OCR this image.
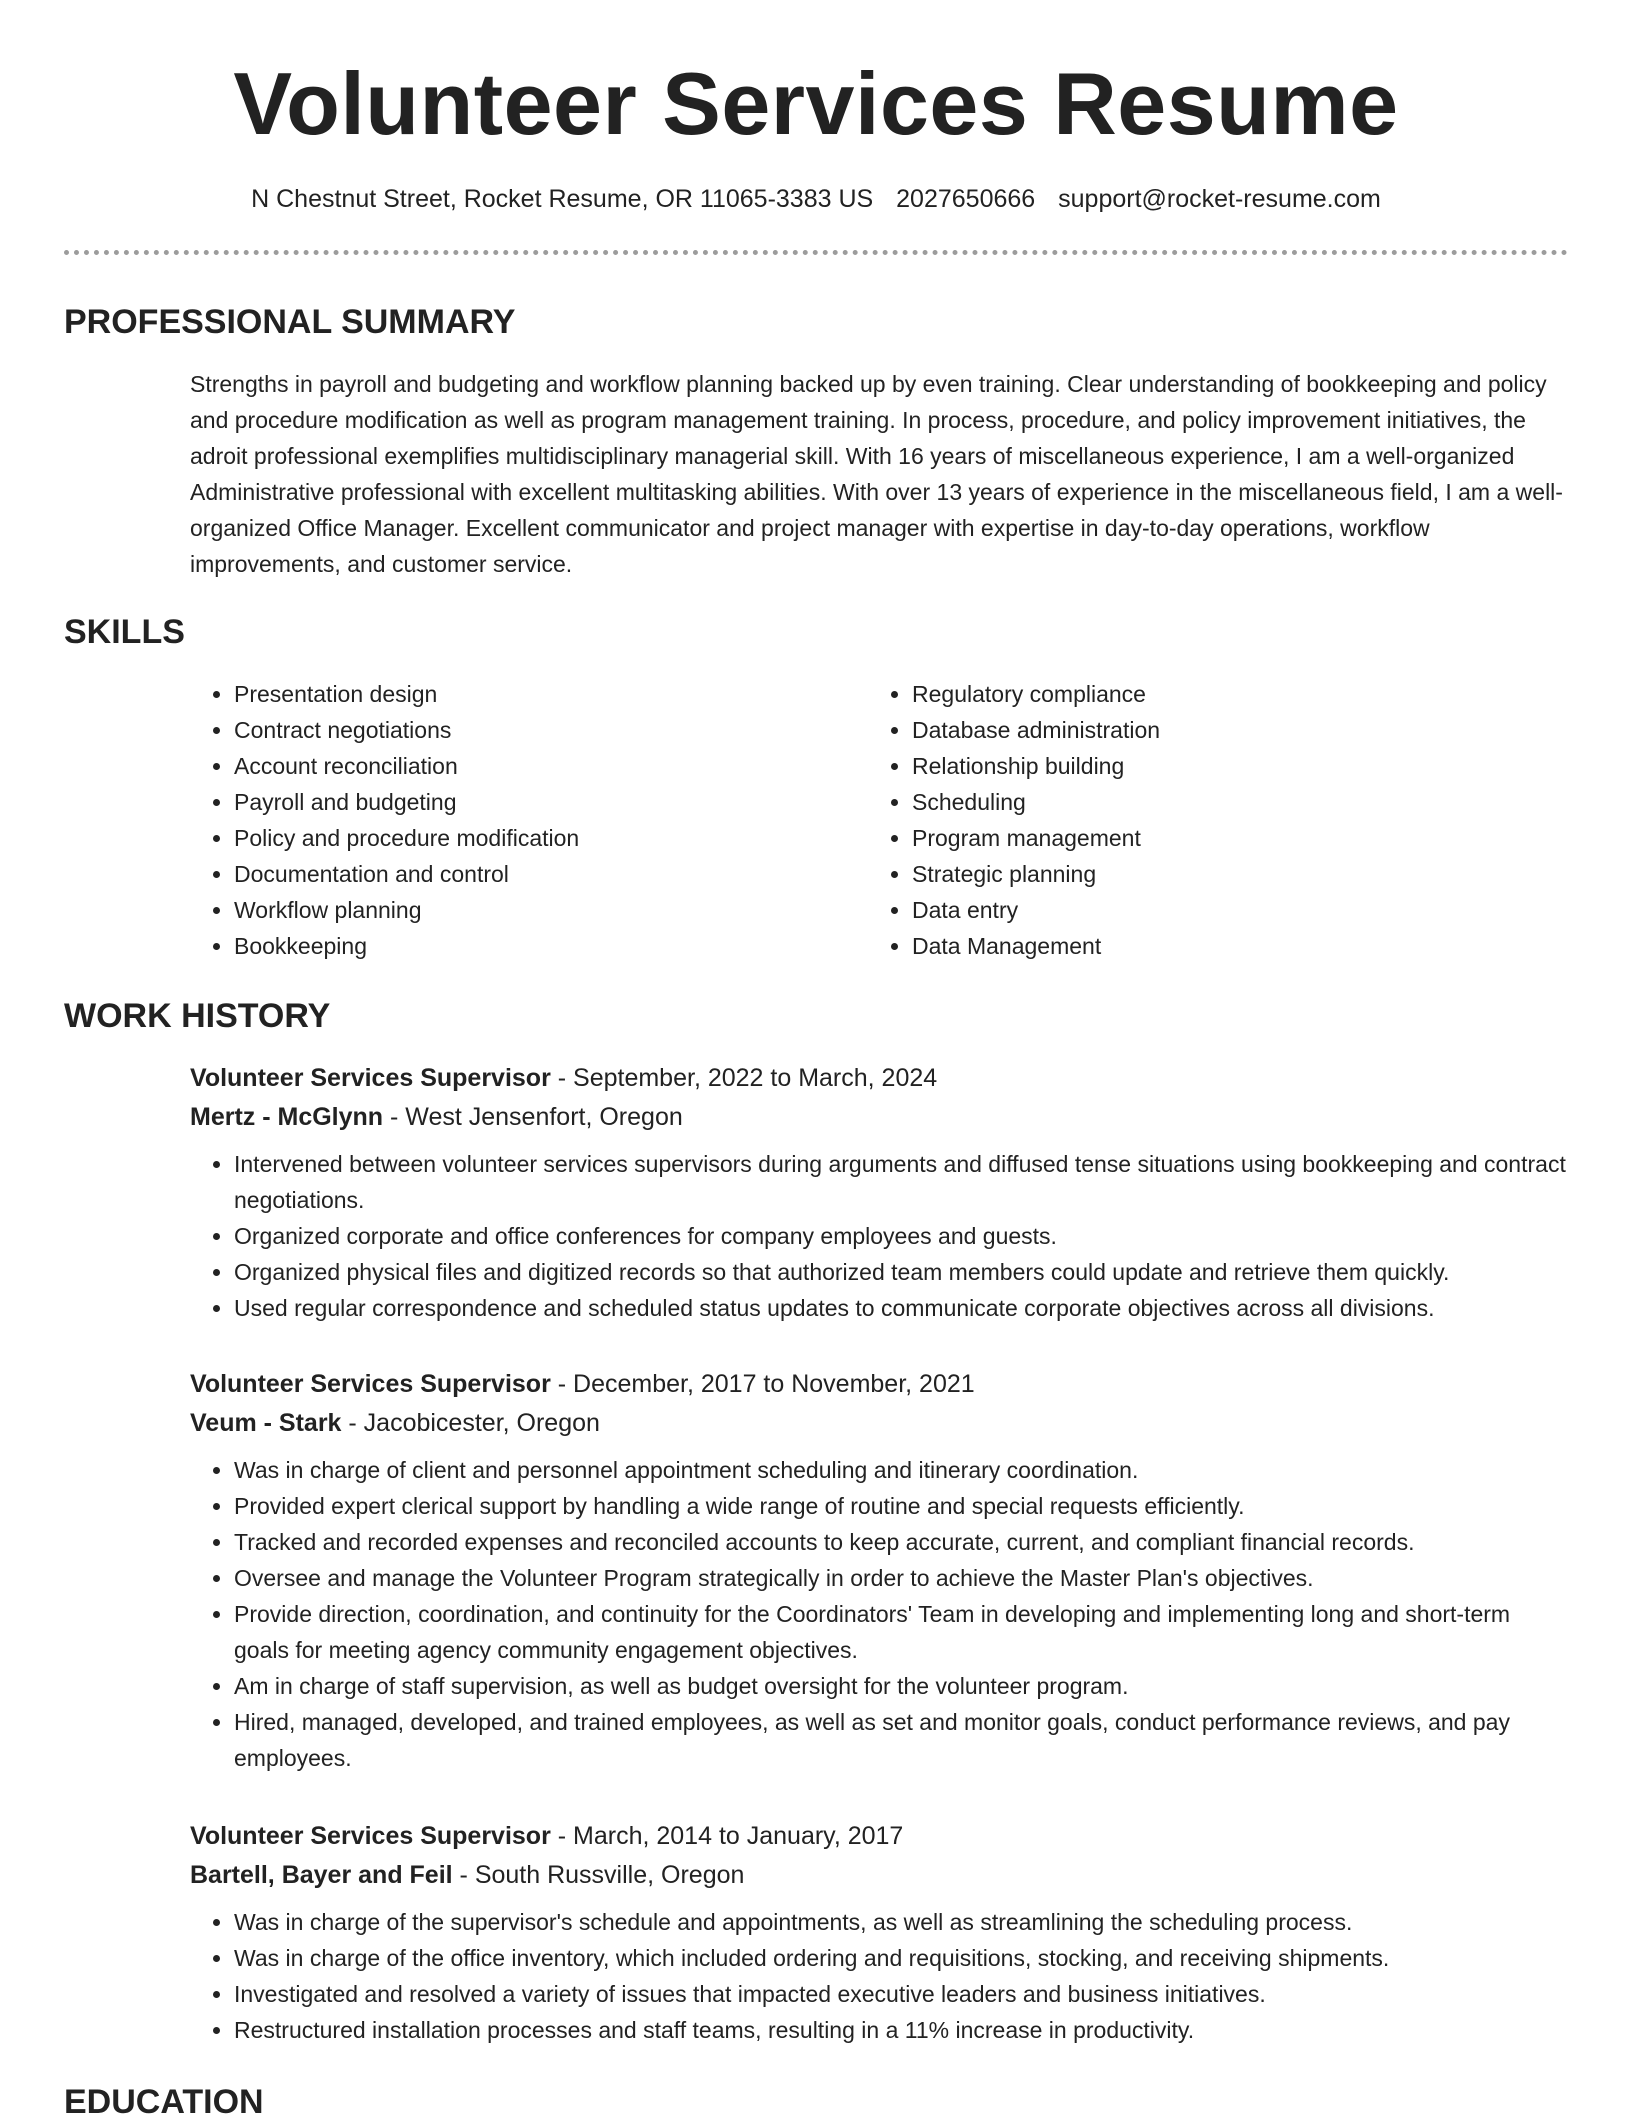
Volunteer Services Resume
N Chestnut Street, Rocket Resume, OR 11065-3383 US 2027650666 support@rocket-resume.com
PROFESSIONAL SUMMARY

Strengths in payroll and budgeting and workflow planning backed up by even training. Clear understanding of bookkeeping and policy and procedure modification as well as program management training. In process, procedure, and policy improvement initiatives, the adroit professional exemplifies multidisciplinary managerial skill. With 16 years of miscellaneous experience, I am a well-organized Administrative professional with excellent multitasking abilities. With over 13 years of experience in the miscellaneous field, I am a well-organized Office Manager. Excellent communicator and project manager with expertise in day-to-day operations, workflow improvements, and customer service.

SKILLS
• Presentation design
• Contract negotiations
• Account reconciliation
• Payroll and budgeting
• Policy and procedure modification
• Documentation and control
• Workflow planning
• Bookkeeping
• Regulatory compliance
• Database administration
• Relationship building
• Scheduling
• Program management
• Strategic planning
• Data entry
• Data Management
WORK HISTORY
Volunteer Services Supervisor - September, 2022 to March, 2024
Mertz - McGlynn - West Jensenfort, Oregon
• Intervened between volunteer services supervisors during arguments and diffused tense situations using bookkeeping and contract negotiations.
• Organized corporate and office conferences for company employees and guests.
• Organized physical files and digitized records so that authorized team members could update and retrieve them quickly.
• Used regular correspondence and scheduled status updates to communicate corporate objectives across all divisions.
Volunteer Services Supervisor - December, 2017 to November, 2021
Veum - Stark - Jacobicester, Oregon
• Was in charge of client and personnel appointment scheduling and itinerary coordination.
• Provided expert clerical support by handling a wide range of routine and special requests efficiently.
• Tracked and recorded expenses and reconciled accounts to keep accurate, current, and compliant financial records.
• Oversee and manage the Volunteer Program strategically in order to achieve the Master Plan's objectives.
• Provide direction, coordination, and continuity for the Coordinators' Team in developing and implementing long and short-term goals for meeting agency community engagement objectives.
• Am in charge of staff supervision, as well as budget oversight for the volunteer program.
• Hired, managed, developed, and trained employees, as well as set and monitor goals, conduct performance reviews, and pay employees.
Volunteer Services Supervisor - March, 2014 to January, 2017
Bartell, Bayer and Feil - South Russville, Oregon
• Was in charge of the supervisor's schedule and appointments, as well as streamlining the scheduling process.
• Was in charge of the office inventory, which included ordering and requisitions, stocking, and receiving shipments.
• Investigated and resolved a variety of issues that impacted executive leaders and business initiatives.
• Restructured installation processes and staff teams, resulting in a 11% increase in productivity.
EDUCATION
